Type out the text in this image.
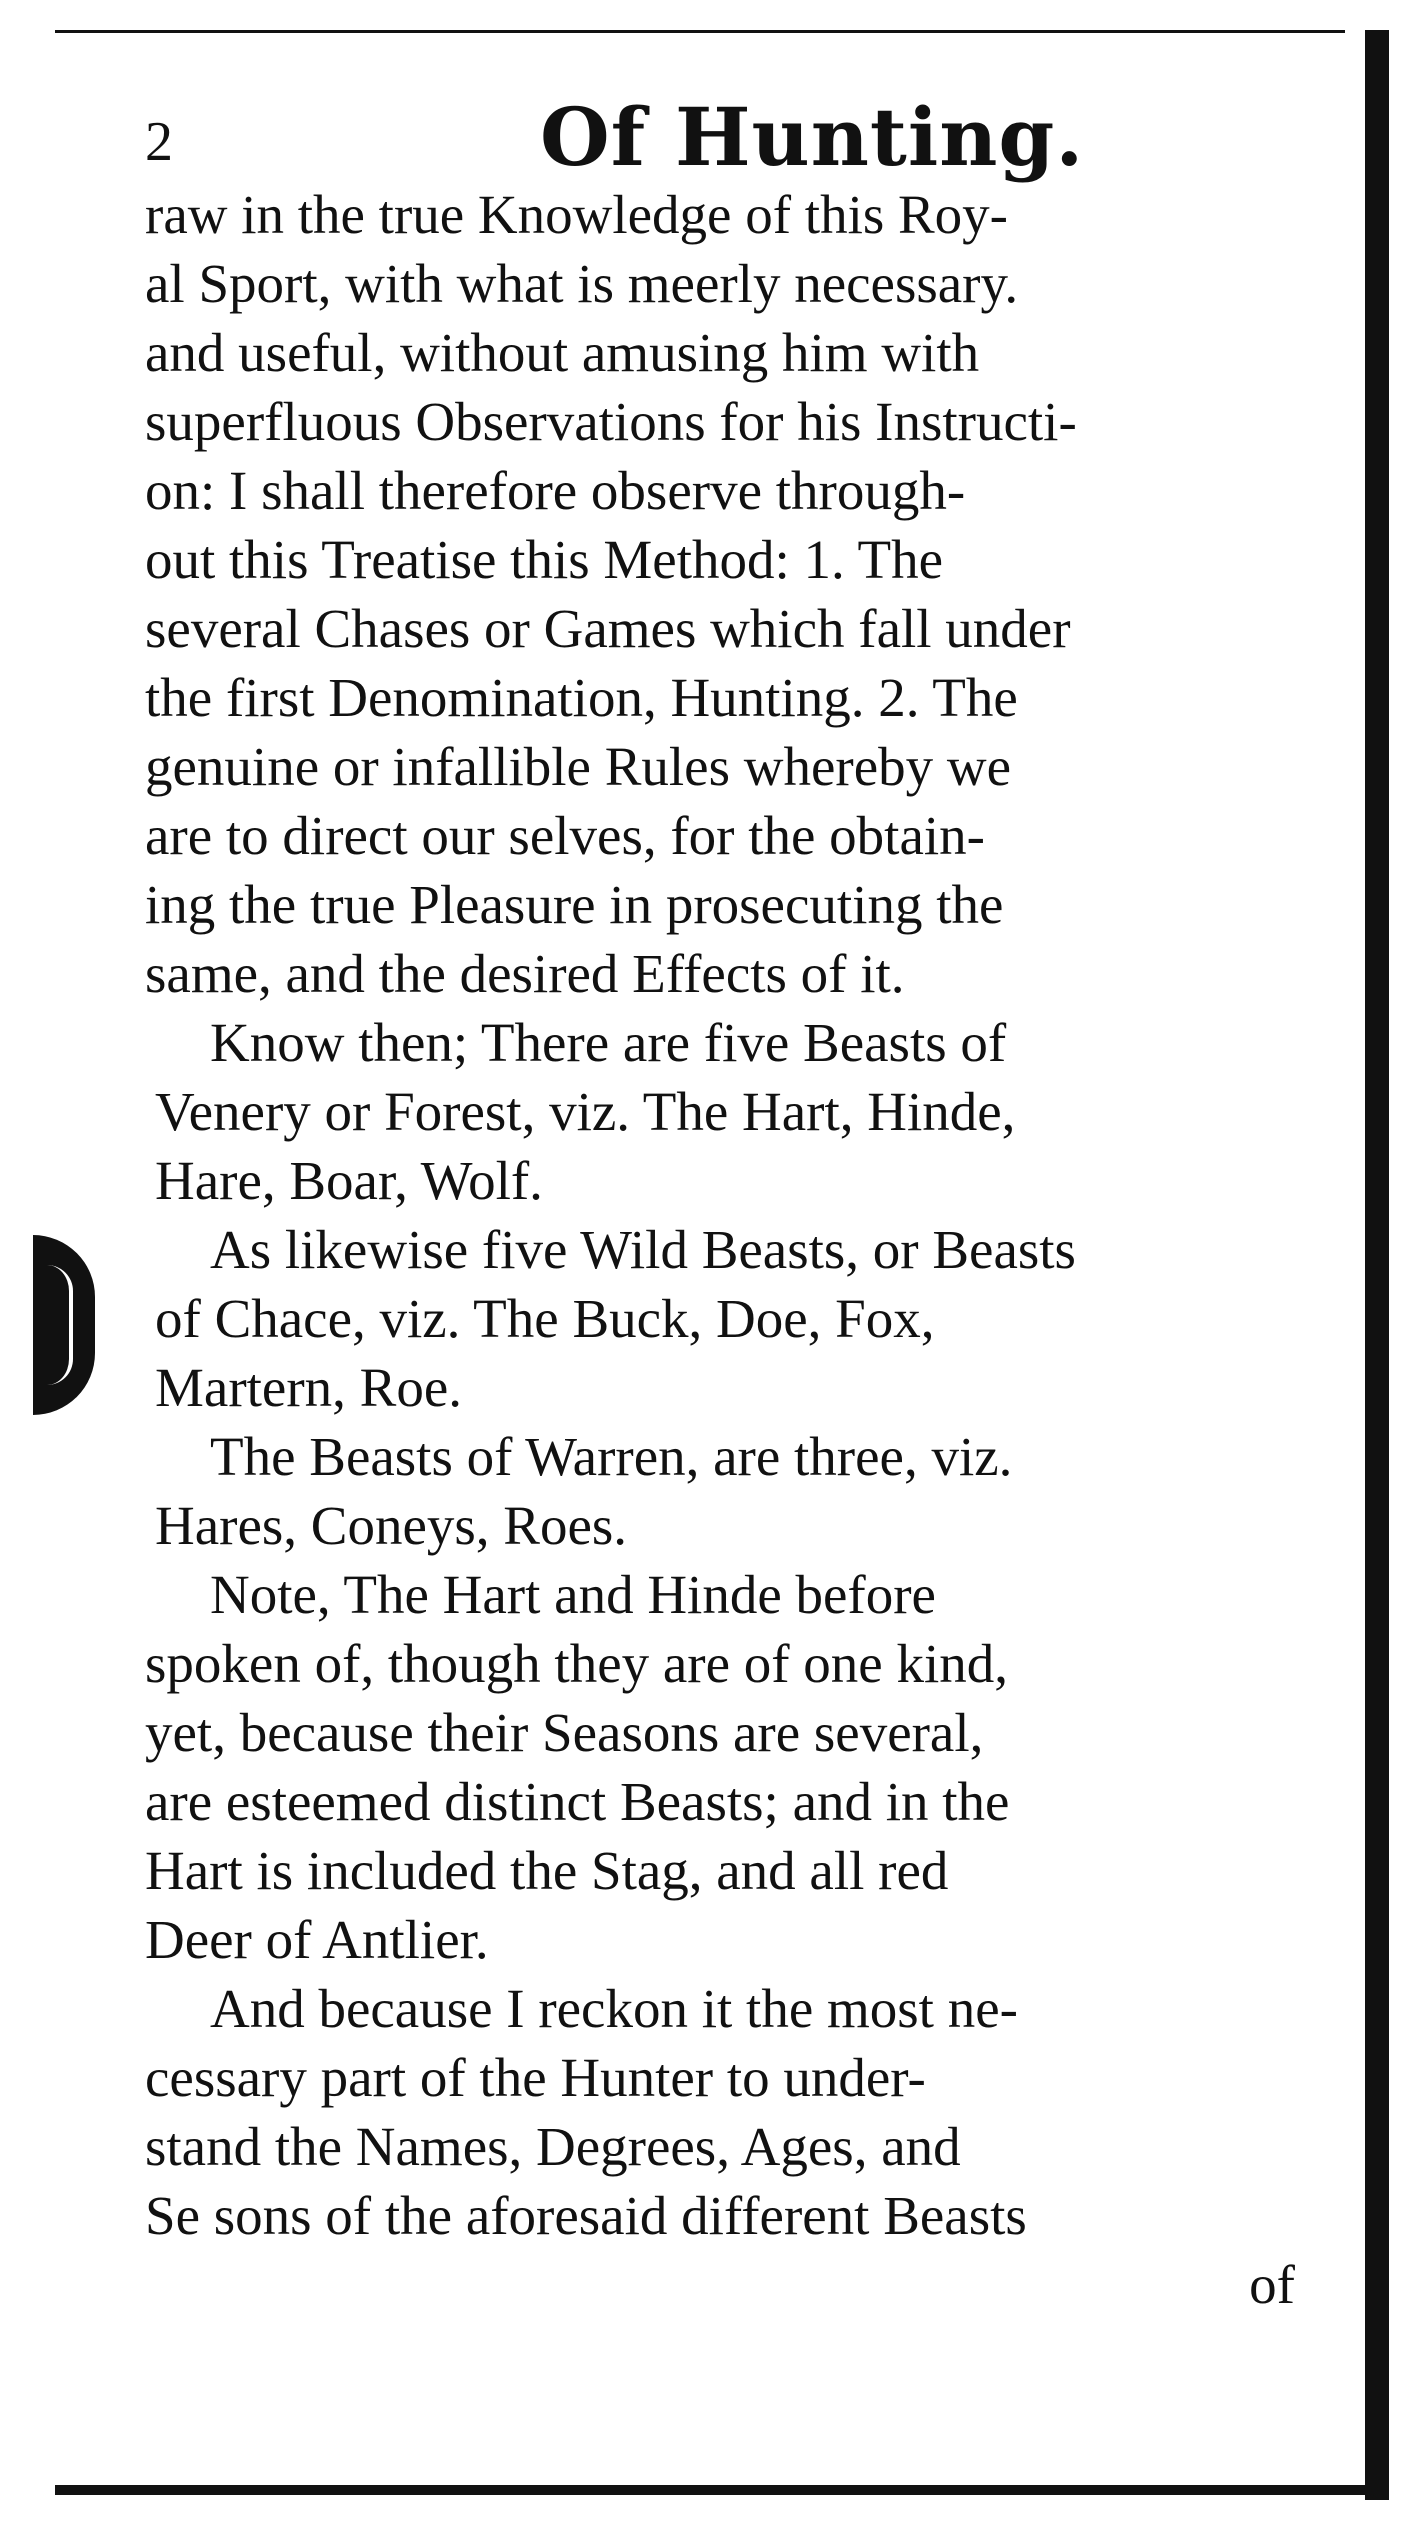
2	Of Hunting.
raw in the true Knowledge of this Roy-
al Sport, with what is meerly necessary.
and useful, without amusing him with
superfluous Observations for his Instructi-
on: I shall therefore observe through-
out this Treatise this Method: 1. The
several Chases or Games which fall under
the first Denomination, Hunting. 2. The
genuine or infallible Rules whereby we
are to direct our selves, for the obtain-
ing the true Pleasure in prosecuting the
same, and the desired Effects of it.
Know then; There are five Beasts of
Venery or Forest, viz. The Hart, Hinde,
Hare, Boar, Wolf.
As likewise five Wild Beasts, or Beasts
of Chace, viz. The Buck, Doe, Fox,
Martern, Roe.
The Beasts of Warren, are three, viz.
Hares, Coneys, Roes.
Note, The Hart and Hinde before
spoken of, though they are of one kind,
yet, because their Seasons are several,
are esteemed distinct Beasts; and in the
Hart is included the Stag, and all red
Deer of Antlier.
And because I reckon it the most ne-
cessary part of the Hunter to under-
stand the Names, Degrees, Ages, and
Se sons of the aforesaid different Beasts
of
